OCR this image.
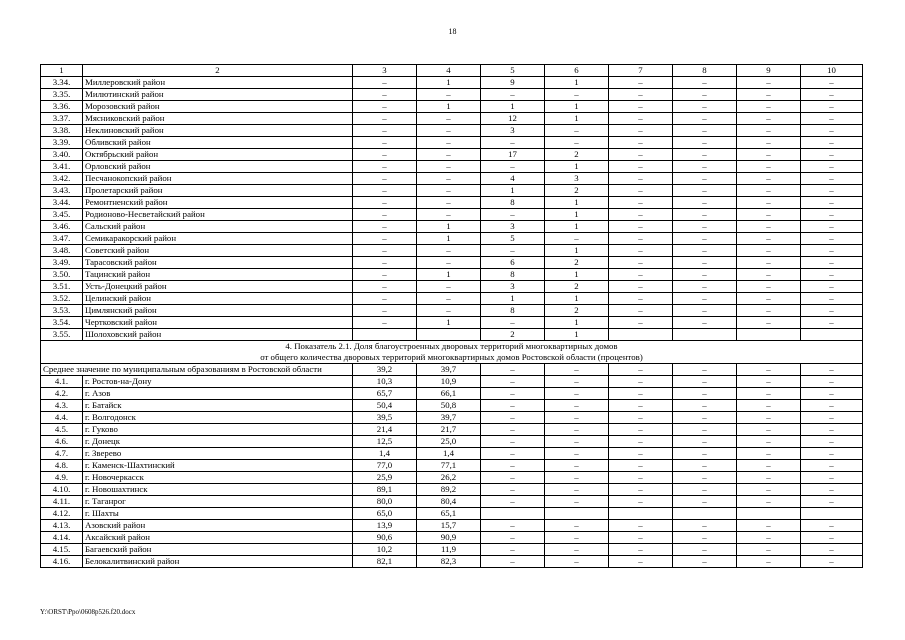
18
1	2	3	4	5	6	7	8	9	10
3.34.	Миллеровский район	–	1	9	1	–	–	–	–
3.35.	Милютинский район	–	–	–	–	–	–	–	–
3.36.	Морозовский район	–	1	1	1	–	–	–	–
3.37.	Мясниковский район	–	–	12	1	–	–	–	–
3.38.	Неклиновский район	–	–	3	–	–	–	–	–
3.39.	Обливский район	–	–	–	–	–	–	–	–
3.40.	Октябрьский район	–	–	17	2	–	–	–	–
3.41.	Орловский район	–	–	–	1	–	–	–	–
3.42.	Песчанокопский район	–	–	4	3	–	–	–	–
3.43.	Пролетарский район	–	–	1	2	–	–	–	–
3.44.	Ремонтненский район	–	–	8	1	–	–	–	–
3.45.	Родионово-Несветайский район	–	–	–	1	–	–	–	–
3.46.	Сальский район	–	1	3	1	–	–	–	–
3.47.	Семикаракорский район	–	1	5	–	–	–	–	–
3.48.	Советский район	–	–	–	1	–	–	–	–
3.49.	Тарасовский район	–	–	6	2	–	–	–	–
3.50.	Тацинский район	–	1	8	1	–	–	–	–
3.51.	Усть-Донецкий район	–	–	3	2	–	–	–	–
3.52.	Целинский район	–	–	1	1	–	–	–	–
3.53.	Цимлянский район	–	–	8	2	–	–	–	–
3.54.	Чертковский район	–	1	–	1	–	–	–	–
3.55.	Шолоховский район			2	1				

4. Показатель 2.1. Доля благоустроенных дворовых территорий многоквартирных домов
от общего количества дворовых территорий многоквартирных домов Ростовской области (процентов)									

Среднее значение по муниципальным образованиям в Ростовской области		39,2	39,7	–	–	–	–	–	–
4.1.	г. Ростов-на-Дону	10,3	10,9	–	–	–	–	–	–
4.2.	г. Азов	65,7	66,1	–	–	–	–	–	–
4.3.	г. Батайск	50,4	50,8	–	–	–	–	–	–
4.4.	г. Волгодонск	39,5	39,7	–	–	–	–	–	–
4.5.	г. Гуково	21,4	21,7	–	–	–	–	–	–
4.6.	г. Донецк	12,5	25,0	–	–	–	–	–	–
4.7.	г. Зверево	1,4	1,4	–	–	–	–	–	–
4.8.	г. Каменск-Шахтинский	77,0	77,1	–	–	–	–	–	–
4.9.	г. Новочеркасск	25,9	26,2	–	–	–	–	–	–
4.10.	г. Новошахтинск	89,1	89,2	–	–	–	–	–	–
4.11.	г. Таганрог	80,0	80,4	–	–	–	–	–	–
4.12.	г. Шахты	65,0	65,1						
4.13.	Азовский район	13,9	15,7	–	–	–	–	–	–
4.14.	Аксайский район	90,6	90,9	–	–	–	–	–	–
4.15.	Багаевский район	10,2	11,9	–	–	–	–	–	–
4.16.	Белокалитвинский район	82,1	82,3	–	–	–	–	–	–
Y:\ORST\Ppo\0608p526.f20.docx
